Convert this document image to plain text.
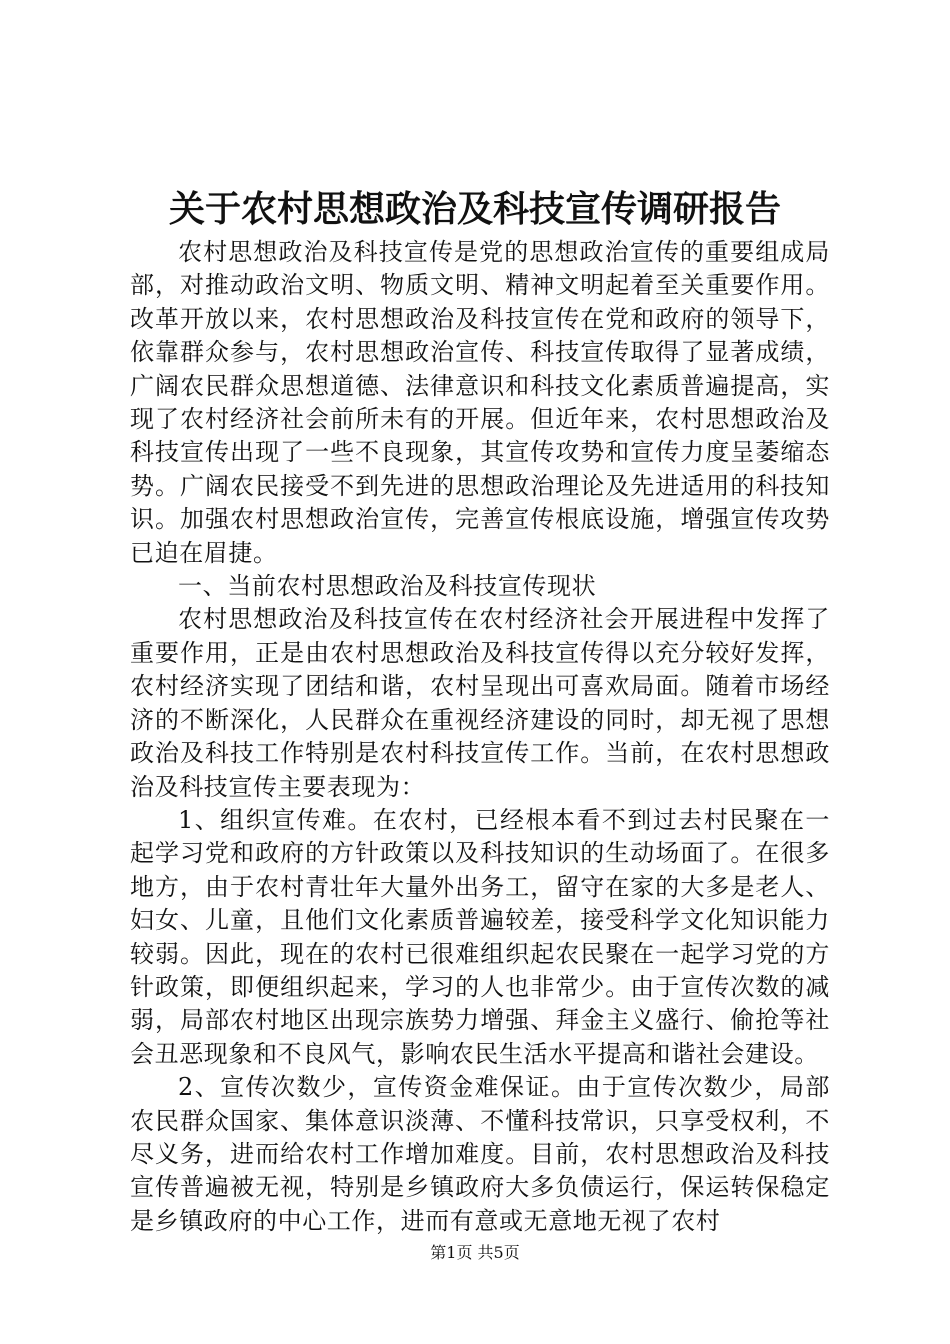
关于农村思想政治及科技宣传调研报告

农村思想政治及科技宣传是党的思想政治宣传的重要组成局部，对推动政治文明、物质文明、精神文明起着至关重要作用。改革开放以来，农村思想政治及科技宣传在党和政府的领导下，依靠群众参与，农村思想政治宣传、科技宣传取得了显著成绩，广阔农民群众思想道德、法律意识和科技文化素质普遍提高，实现了农村经济社会前所未有的开展。但近年来，农村思想政治及科技宣传出现了一些不良现象，其宣传攻势和宣传力度呈萎缩态势。广阔农民接受不到先进的思想政治理论及先进适用的科技知识。加强农村思想政治宣传，完善宣传根底设施，增强宣传攻势已迫在眉捷。

一、当前农村思想政治及科技宣传现状

农村思想政治及科技宣传在农村经济社会开展进程中发挥了重要作用，正是由农村思想政治及科技宣传得以充分较好发挥，农村经济实现了团结和谐，农村呈现出可喜欢局面。随着市场经济的不断深化，人民群众在重视经济建设的同时，却无视了思想政治及科技工作特别是农村科技宣传工作。当前，在农村思想政治及科技宣传主要表现为：

1、组织宣传难。在农村，已经根本看不到过去村民聚在一起学习党和政府的方针政策以及科技知识的生动场面了。在很多地方，由于农村青壮年大量外出务工，留守在家的大多是老人、妇女、儿童，且他们文化素质普遍较差，接受科学文化知识能力较弱。因此，现在的农村已很难组织起农民聚在一起学习党的方针政策，即便组织起来，学习的人也非常少。由于宣传次数的减弱，局部农村地区出现宗族势力增强、拜金主义盛行、偷抢等社会丑恶现象和不良风气，影响农民生活水平提高和谐社会建设。

2、宣传次数少，宣传资金难保证。由于宣传次数少，局部农民群众国家、集体意识淡薄、不懂科技常识，只享受权利，不尽义务，进而给农村工作增加难度。目前，农村思想政治及科技宣传普遍被无视，特别是乡镇政府大多负债运行，保运转保稳定是乡镇政府的中心工作，进而有意或无意地无视了农村

第1页 共5页
